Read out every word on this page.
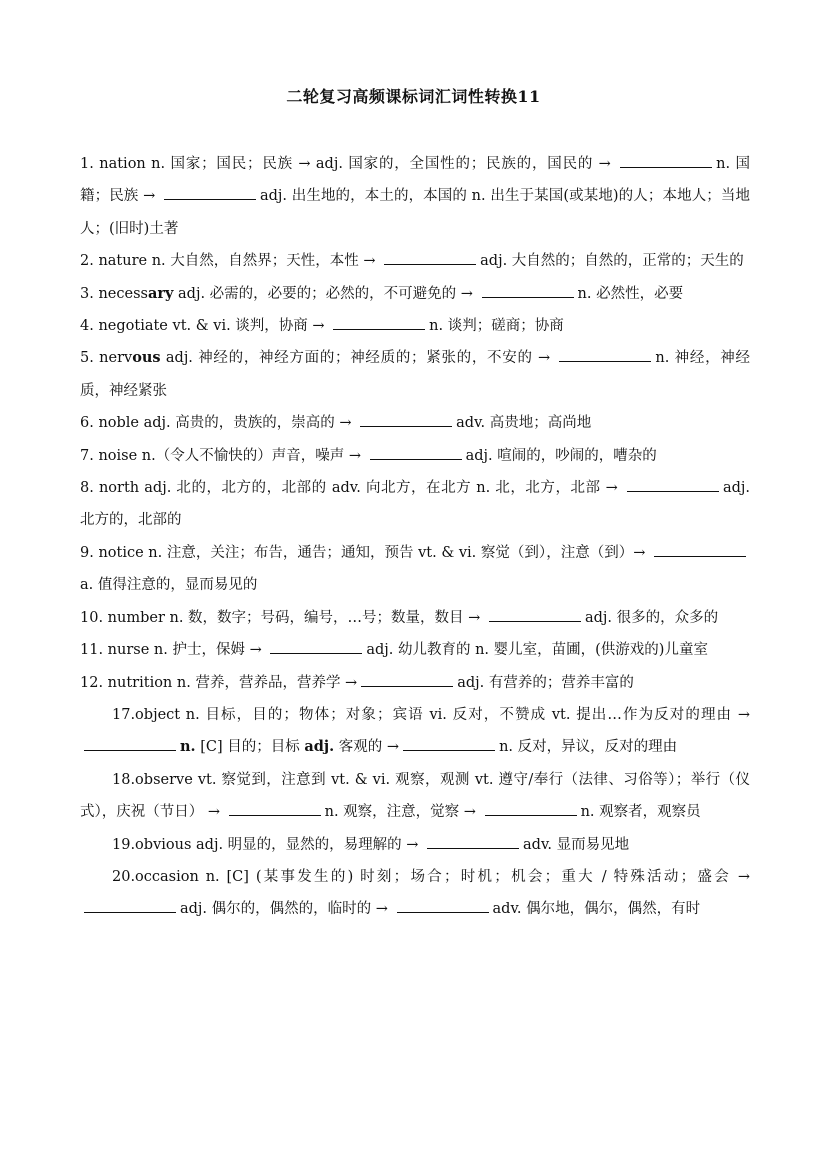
二轮复习高频课标词汇词性转换11

1. nation n. 国家；国民；民族 → adj. 国家的，全国性的；民族的，国民的 →	n. 国籍；民族 →	adj. 出生地的，本土的，本国的 n. 出生于某国(或某地)的人；本地人；当地人；(旧时)土著

2. nature n. 大自然，自然界；天性，本性 →	adj. 大自然的；自然的，正常的；天生的

3. necessary adj. 必需的，必要的；必然的，不可避免的 →	n. 必然性，必要

4. negotiate vt. & vi. 谈判，协商 →	n. 谈判；磋商；协商

5. nervous adj. 神经的，神经方面的；神经质的；紧张的，不安的 →	n. 神经，神经质，神经紧张

6. noble adj. 高贵的，贵族的，崇高的 →	adv. 高贵地；高尚地

7. noise n.（令人不愉快的）声音，噪声 →	adj. 喧闹的，吵闹的，嘈杂的

8. north adj. 北的，北方的，北部的 adv. 向北方，在北方 n. 北，北方，北部 →	adj. 北方的，北部的

9. notice n. 注意，关注；布告，通告；通知，预告 vt. & vi. 察觉（到），注意（到）→ a. 值得注意的，显而易见的

10. number n. 数，数字；号码，编号，…号；数量，数目 →	adj. 很多的，众多的

11. nurse n. 护士，保姆 →	adj. 幼儿教育的 n. 婴儿室，苗圃，(供游戏的)儿童室

12. nutrition n. 营养，营养品，营养学 →	adj. 有营养的；营养丰富的

17.object n. 目标，目的；物体；对象；宾语 vi. 反对，不赞成 vt. 提出…作为反对的理由 → n. [C] 目的；目标 adj. 客观的 →	n. 反对，异议，反对的理由

18.observe vt. 察觉到，注意到 vt. & vi. 观察，观测 vt. 遵守/奉行（法律、习俗等）；举行（仪式），庆祝（节日） →	n. 观察，注意，觉察 →	n. 观察者，观察员

19.obvious adj. 明显的，显然的，易理解的 →	adv. 显而易见地

20.occasion n. [C] (某事发生的) 时刻；场合；时机；机会；重大 / 特殊活动；盛会 → adj. 偶尔的，偶然的，临时的 →	adv. 偶尔地，偶尔，偶然，有时
